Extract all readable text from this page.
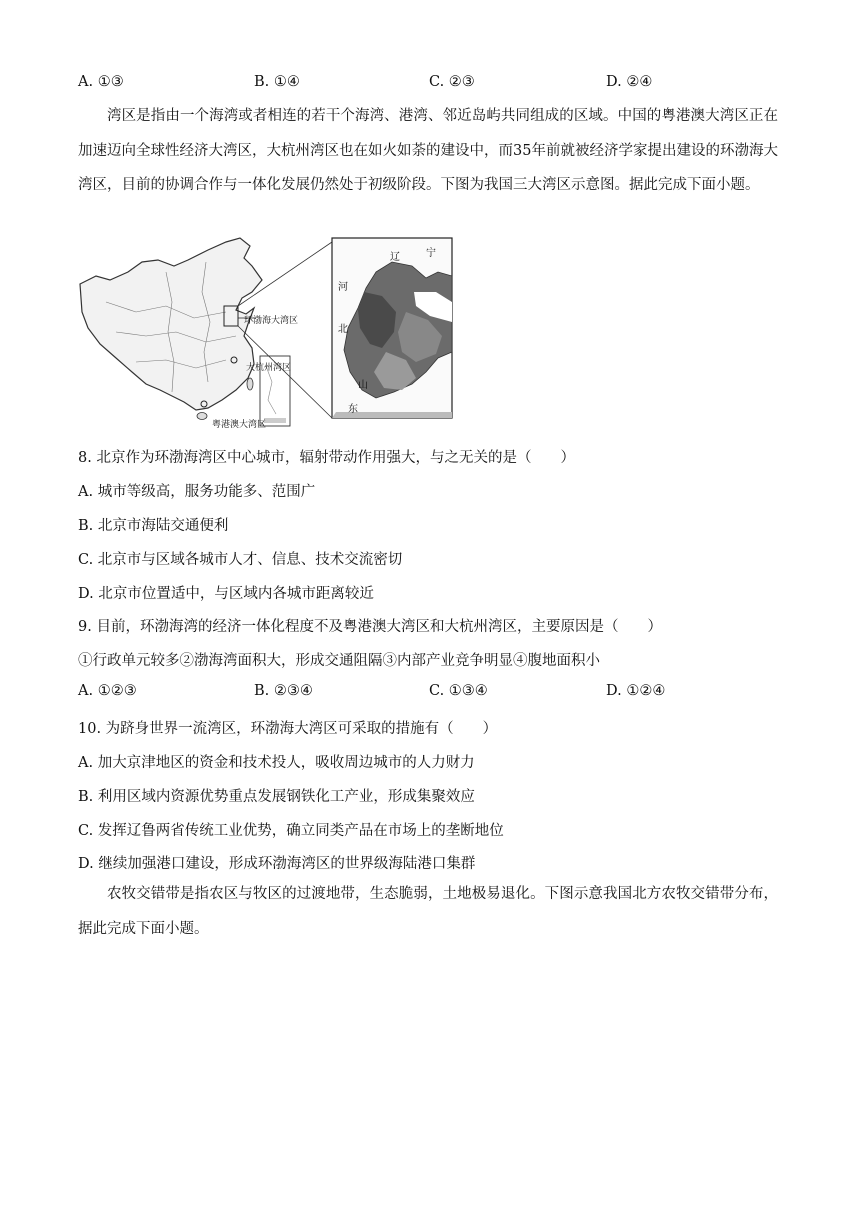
A. ①③	B. ①④	C. ②③	D. ②④
湾区是指由一个海湾或者相连的若干个海湾、港湾、邻近岛屿共同组成的区域。中国的粤港澳大湾区正在加速迈向全球性经济大湾区，大杭州湾区也在如火如荼的建设中，而35年前就被经济学家提出建设的环渤海大湾区，目前的协调合作与一体化发展仍然处于初级阶段。下图为我国三大湾区示意图。据此完成下面小题。
环渤海大湾区
大杭州湾区
粤港澳大湾区
辽	宁
河
北
山
东
8. 北京作为环渤海湾区中心城市，辐射带动作用强大，与之无关的是（　　）
A. 城市等级高，服务功能多、范围广
B. 北京市海陆交通便利
C. 北京市与区域各城市人才、信息、技术交流密切
D. 北京市位置适中，与区域内各城市距离较近
9. 目前，环渤海湾的经济一体化程度不及粤港澳大湾区和大杭州湾区，主要原因是（　　）
①行政单元较多②渤海湾面积大，形成交通阻隔③内部产业竞争明显④腹地面积小
A. ①②③	B. ②③④	C. ①③④	D. ①②④
10. 为跻身世界一流湾区，环渤海大湾区可采取的措施有（　　）
A. 加大京津地区的资金和技术投人，吸收周边城市的人力财力
B. 利用区域内资源优势重点发展钢铁化工产业，形成集聚效应
C. 发挥辽鲁两省传统工业优势，确立同类产品在市场上的垄断地位
D. 继续加强港口建设，形成环渤海湾区的世界级海陆港口集群
农牧交错带是指农区与牧区的过渡地带，生态脆弱，土地极易退化。下图示意我国北方农牧交错带分布，据此完成下面小题。
